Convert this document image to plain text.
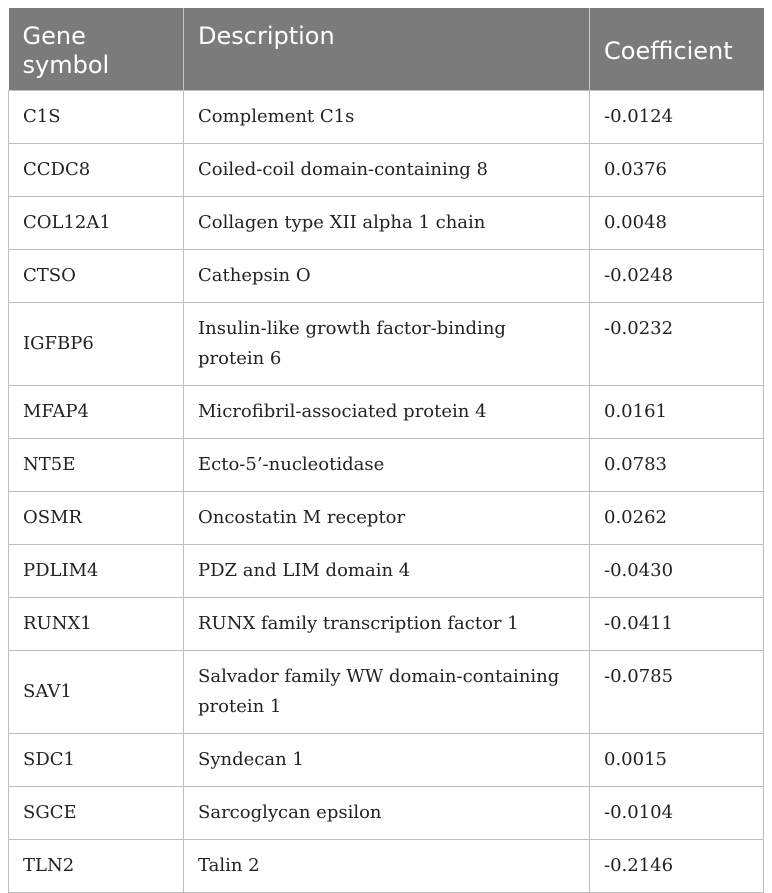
Gene symbol	Description	Coefficient
C1S	Complement C1s	-0.0124
CCDC8	Coiled-coil domain-containing 8	0.0376
COL12A1	Collagen type XII alpha 1 chain	0.0048
CTSO	Cathepsin O	-0.0248
IGFBP6	Insulin-like growth factor-binding protein 6	-0.0232
MFAP4	Microfibril-associated protein 4	0.0161
NT5E	Ecto-5’-nucleotidase	0.0783
OSMR	Oncostatin M receptor	0.0262
PDLIM4	PDZ and LIM domain 4	-0.0430
RUNX1	RUNX family transcription factor 1	-0.0411
SAV1	Salvador family WW domain-containing protein 1	-0.0785
SDC1	Syndecan 1	0.0015
SGCE	Sarcoglycan epsilon	-0.0104
TLN2	Talin 2	-0.2146
